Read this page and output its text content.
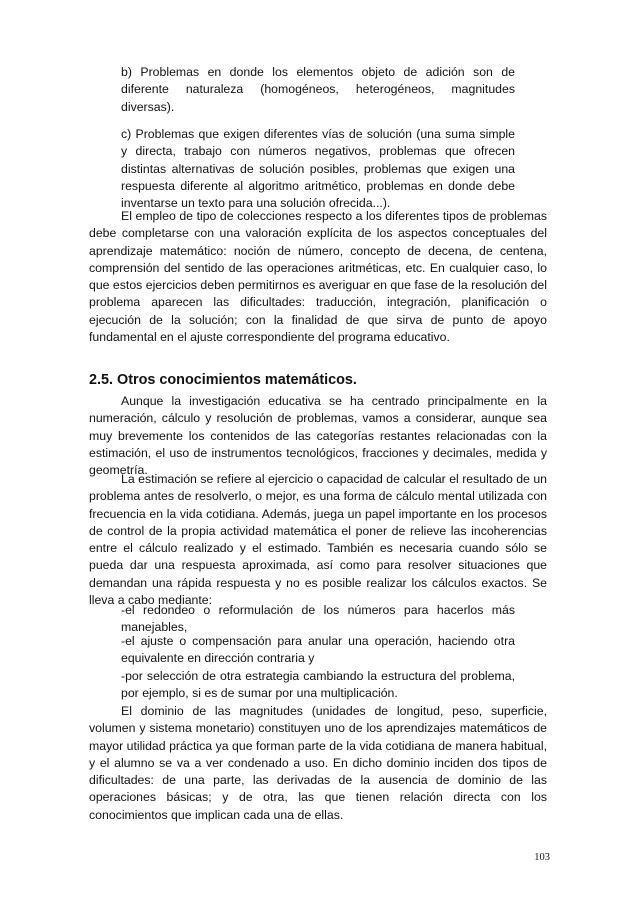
b) Problemas en donde los elementos objeto de adición son de diferente naturaleza (homogéneos, heterogéneos, magnitudes diversas).

c) Problemas que exigen diferentes vías de solución (una suma simple y directa, trabajo con números negativos, problemas que ofrecen distintas alternativas de solución posibles, problemas que exigen una respuesta diferente al algoritmo aritmético, problemas en donde debe inventarse un texto para una solución ofrecida...).

El empleo de tipo de colecciones respecto a los diferentes tipos de problemas debe completarse con una valoración explícita de los aspectos conceptuales del aprendizaje matemático: noción de número, concepto de decena, de centena, comprensión del sentido de las operaciones aritméticas, etc. En cualquier caso, lo que estos ejercicios deben permitirnos es averiguar en que fase de la resolución del problema aparecen las dificultades: traducción, integración, planificación o ejecución de la solución; con la finalidad de que sirva de punto de apoyo fundamental en el ajuste correspondiente del programa educativo.

2.5. Otros conocimientos matemáticos.

Aunque la investigación educativa se ha centrado principalmente en la numeración, cálculo y resolución de problemas, vamos a considerar, aunque sea muy brevemente los contenidos de las categorías restantes relacionadas con la estimación, el uso de instrumentos tecnológicos, fracciones y decimales, medida y geometría.

La estimación se refiere al ejercicio o capacidad de calcular el resultado de un problema antes de resolverlo, o mejor, es una forma de cálculo mental utilizada con frecuencia en la vida cotidiana. Además, juega un papel importante en los procesos de control de la propia actividad matemática el poner de relieve las incoherencias entre el cálculo realizado y el estimado. También es necesaria cuando sólo se pueda dar una respuesta aproximada, así como para resolver situaciones que demandan una rápida respuesta y no es posible realizar los cálculos exactos. Se lleva a cabo mediante:

-el redondeo o reformulación de los números para hacerlos más manejables,

-el ajuste o compensación para anular una operación, haciendo otra equivalente en dirección contraria y

-por selección de otra estrategia cambiando la estructura del problema, por ejemplo, si es de sumar por una multiplicación.

El dominio de las magnitudes (unidades de longitud, peso, superficie, volumen y sistema monetario) constituyen uno de los aprendizajes matemáticos de mayor utilidad práctica ya que forman parte de la vida cotidiana de manera habitual, y el alumno se va a ver condenado a uso. En dicho dominio inciden dos tipos de dificultades: de una parte, las derivadas de la ausencia de dominio de las operaciones básicas; y de otra, las que tienen relación directa con los conocimientos que implican cada una de ellas.

103
